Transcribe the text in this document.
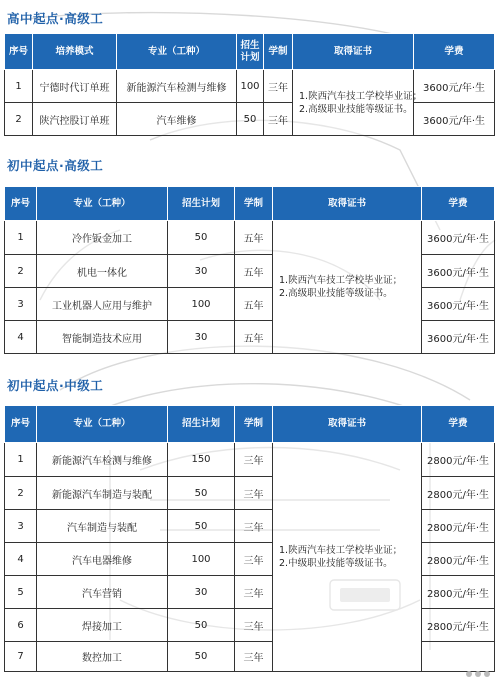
高中起点·高级工
序号	培养模式	专业（工种）	招生计划	学制	取得证书	学费
1	宁德时代订单班	新能源汽车检测与维修	100	三年	1.陕西汽车技工学校毕业证；
2.高级职业技能等级证书。	3600元/年·生
2	陕汽控股订单班	汽车维修	50	三年		3600元/年·生
初中起点·高级工
序号	专业（工种）	招生计划	学制	取得证书	学费
1	冷作钣金加工	50	五年	1.陕西汽车技工学校毕业证；
2.高级职业技能等级证书。	3600元/年·生
2	机电一体化	30	五年		3600元/年·生
3	工业机器人应用与维护	100	五年		3600元/年·生
4	智能制造技术应用	30	五年		3600元/年·生
初中起点·中级工
序号	专业（工种）	招生计划	学制	取得证书	学费
1	新能源汽车检测与维修	150	三年	1.陕西汽车技工学校毕业证；
2.中级职业技能等级证书。	2800元/年·生
2	新能源汽车制造与装配	50	三年		2800元/年·生
3	汽车制造与装配	50	三年		2800元/年·生
4	汽车电器维修	100	三年		2800元/年·生
5	汽车营销	30	三年		2800元/年·生
6	焊接加工	50	三年		2800元/年·生
7	数控加工	50	三年		
